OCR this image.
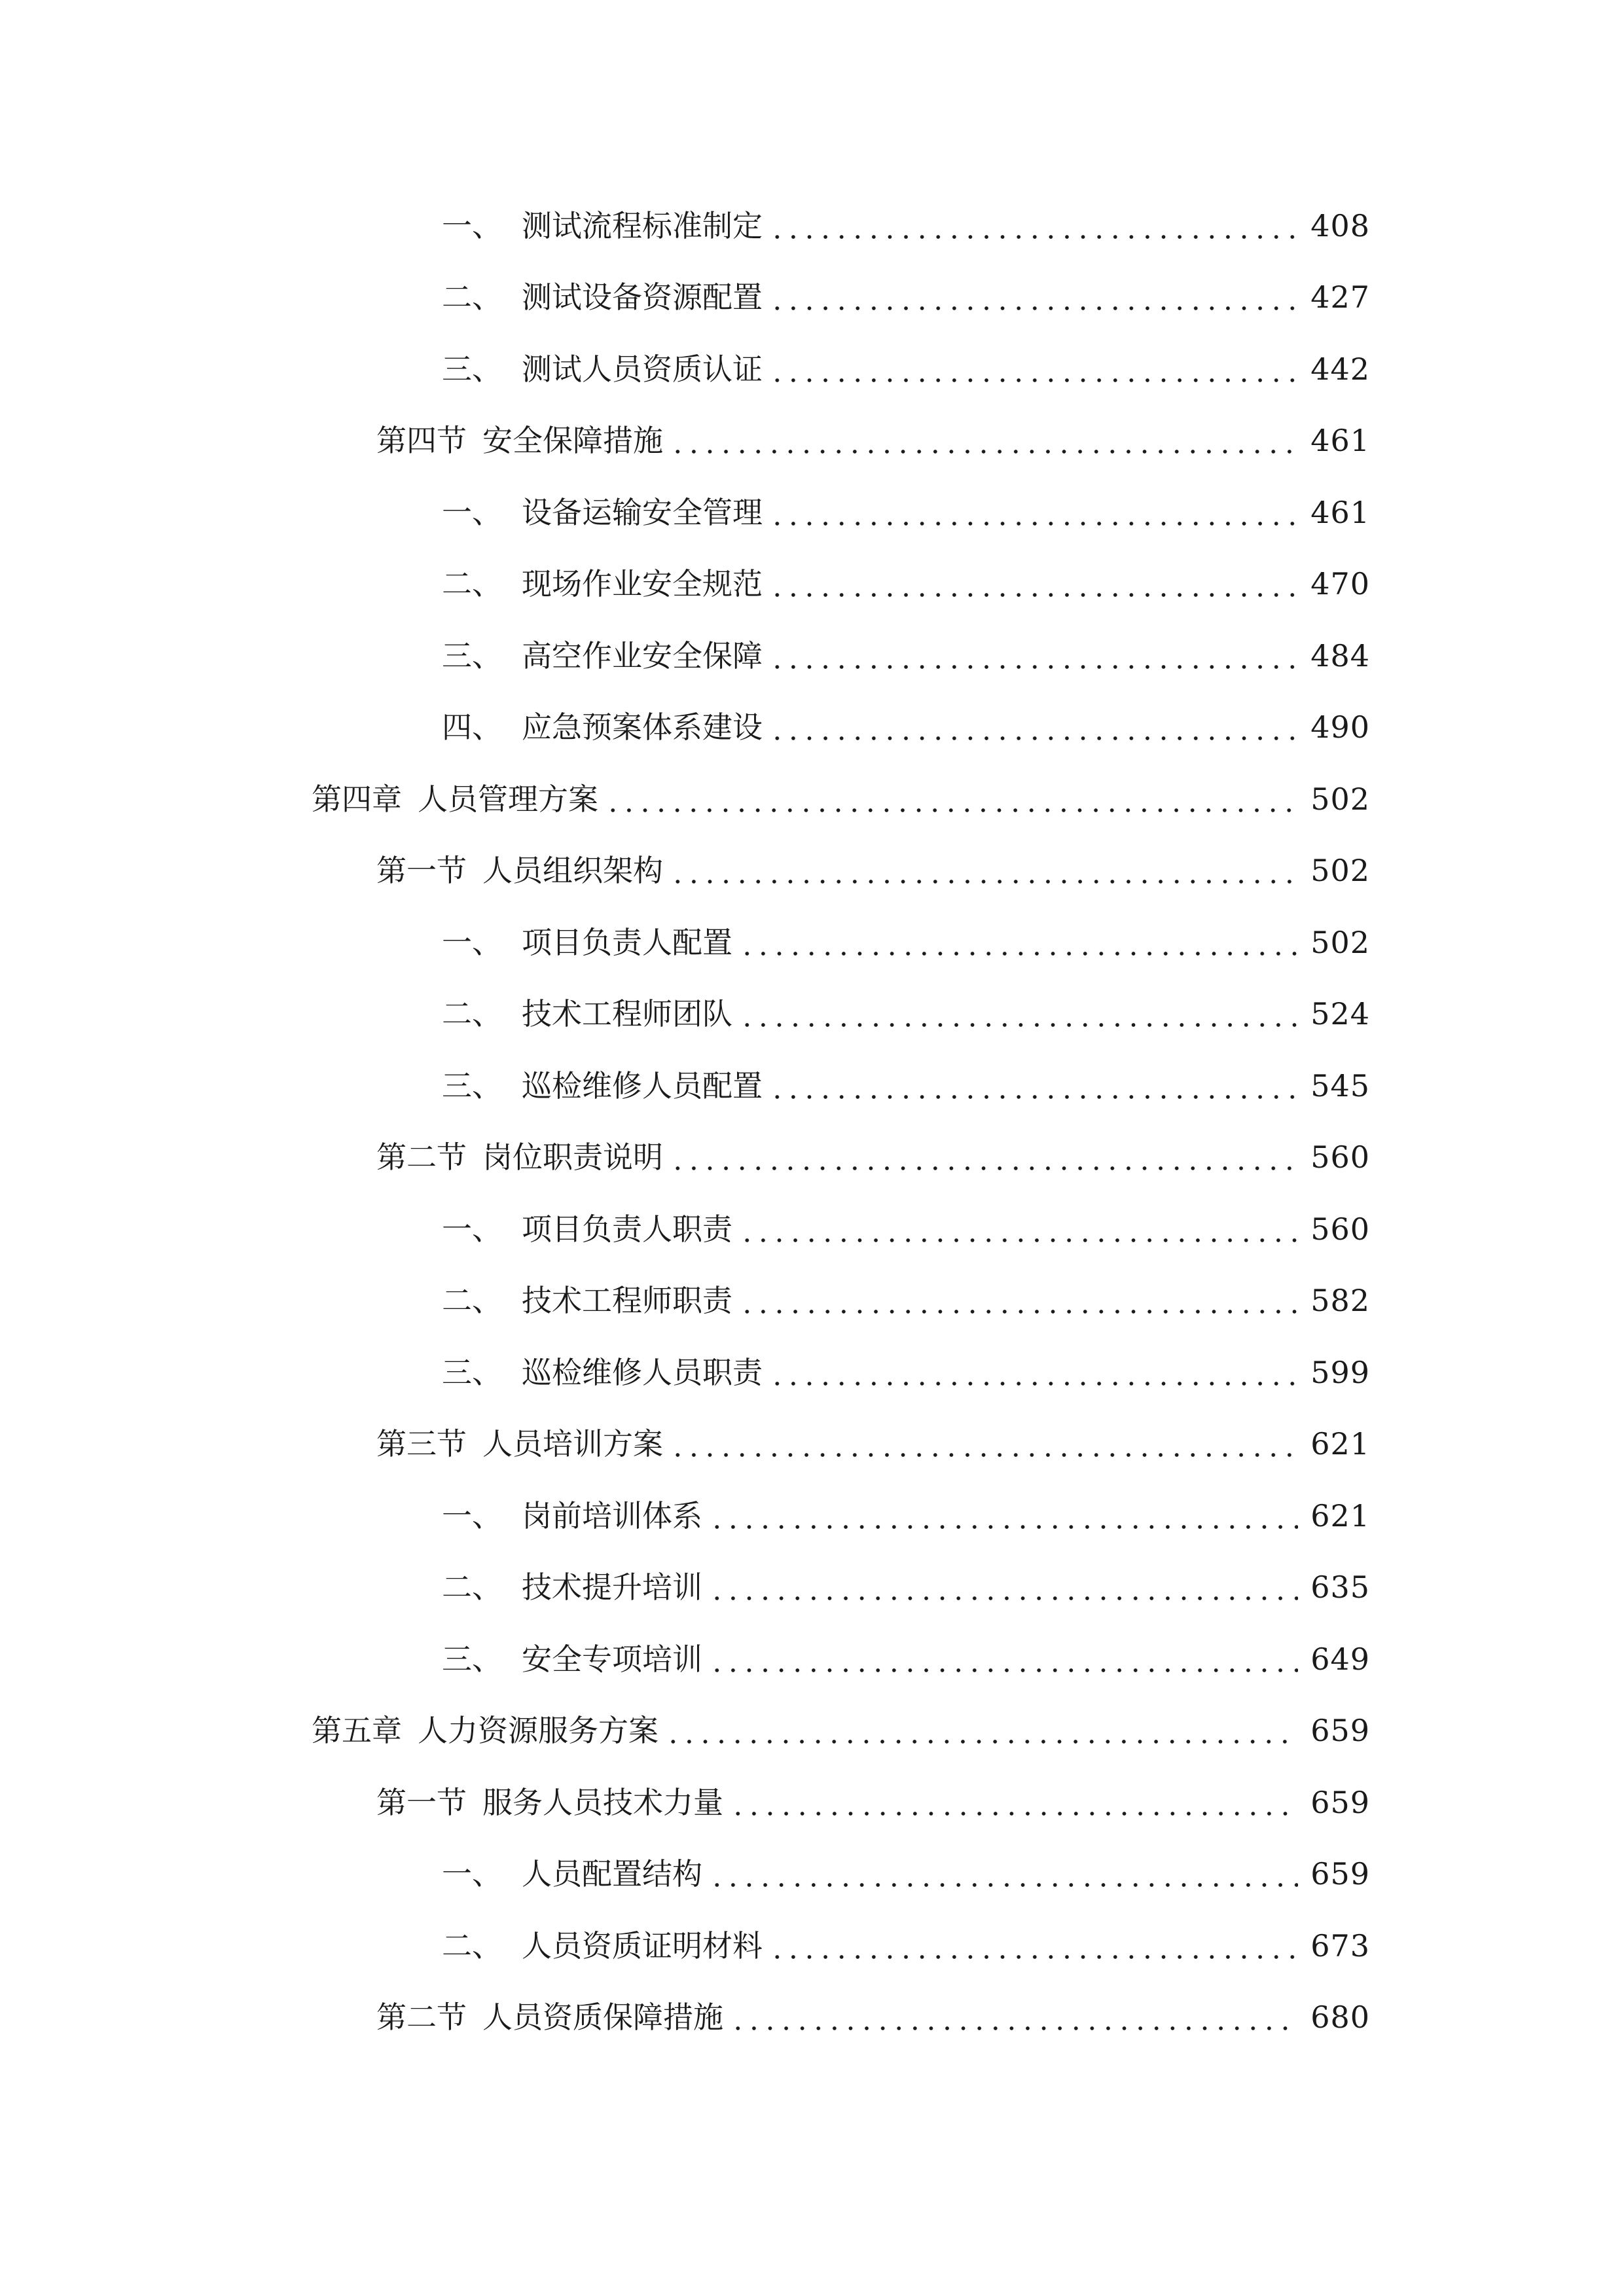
一、 测试流程标准制定	408
二、 测试设备资源配置	427
三、 测试人员资质认证	442
第四节 安全保障措施	461
一、 设备运输安全管理	461
二、 现场作业安全规范	470
三、 高空作业安全保障	484
四、 应急预案体系建设	490
第四章 人员管理方案	502
第一节 人员组织架构	502
一、 项目负责人配置	502
二、 技术工程师团队	524
三、 巡检维修人员配置	545
第二节 岗位职责说明	560
一、 项目负责人职责	560
二、 技术工程师职责	582
三、 巡检维修人员职责	599
第三节 人员培训方案	621
一、 岗前培训体系	621
二、 技术提升培训	635
三、 安全专项培训	649
第五章 人力资源服务方案	659
第一节 服务人员技术力量	659
一、 人员配置结构	659
二、 人员资质证明材料	673
第二节 人员资质保障措施	680
